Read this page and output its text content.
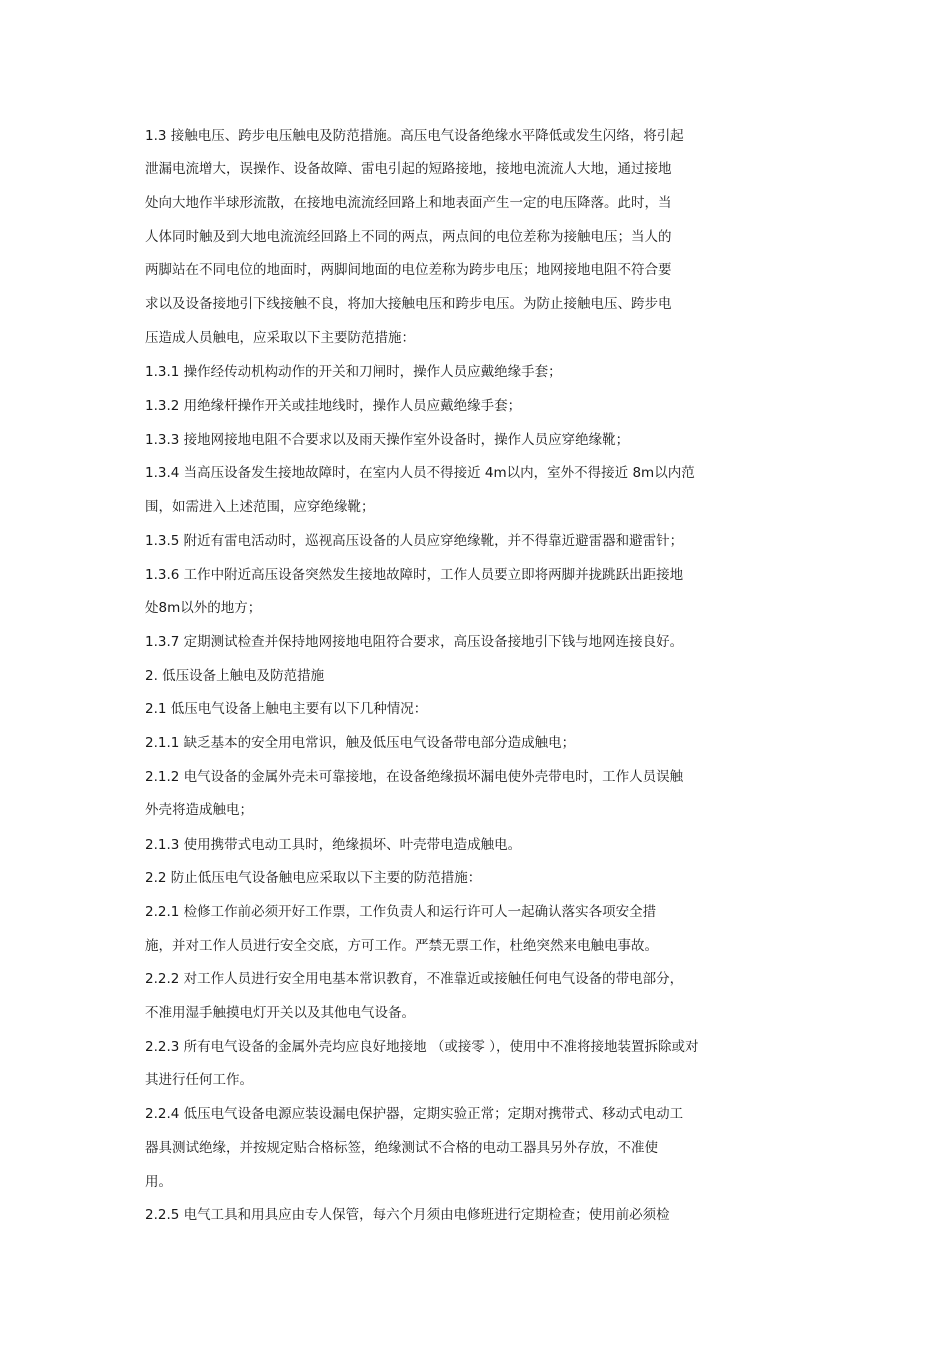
1.3 接触电压、跨步电压触电及防范措施。高压电气设备绝缘水平降低或发生闪络，将引起

泄漏电流增大，误操作、设备故障、雷电引起的短路接地，接地电流流人大地，通过接地

处向大地作半球形流散，在接地电流流经回路上和地表面产生一定的电压降落。此时，当

人体同时触及到大地电流流经回路上不同的两点，两点间的电位差称为接触电压；当人的

两脚站在不同电位的地面时，两脚间地面的电位差称为跨步电压；地网接地电阻不符合要

求以及设备接地引下线接触不良，将加大接触电压和跨步电压。为防止接触电压、跨步电

压造成人员触电，应采取以下主要防范措施：

1.3.1 操作经传动机构动作的开关和刀闸时，操作人员应戴绝缘手套；

1.3.2 用绝缘杆操作开关或挂地线时，操作人员应戴绝缘手套；

1.3.3 接地网接地电阻不合要求以及雨天操作室外设备时，操作人员应穿绝缘靴；

1.3.4 当高压设备发生接地故障时，在室内人员不得接近 4m以内，室外不得接近 8m以内范

围，如需进入上述范围，应穿绝缘靴；

1.3.5 附近有雷电活动时，巡视高压设备的人员应穿绝缘靴，并不得靠近避雷器和避雷针；

1.3.6 工作中附近高压设备突然发生接地故障时，工作人员要立即将两脚并拢跳跃出距接地

处8m以外的地方；

1.3.7 定期测试检查并保持地网接地电阻符合要求，高压设备接地引下钱与地网连接良好。

2. 低压设备上触电及防范措施

2.1 低压电气设备上触电主要有以下几种情况：

2.1.1 缺乏基本的安全用电常识，触及低压电气设备带电部分造成触电；

2.1.2 电气设备的金属外壳未可靠接地，在设备绝缘损坏漏电使外壳带电时，工作人员误触

外壳将造成触电；

2.1.3 使用携带式电动工具时，绝缘损坏、叶壳带电造成触电。

2.2 防止低压电气设备触电应采取以下主要的防范措施：

2.2.1 检修工作前必须开好工作票，工作负责人和运行许可人一起确认落实各项安全措

施，并对工作人员进行安全交底，方可工作。严禁无票工作，杜绝突然来电触电事故。

2.2.2 对工作人员进行安全用电基本常识教育，不准靠近或接触任何电气设备的带电部分，

不准用湿手触摸电灯开关以及其他电气设备。

2.2.3 所有电气设备的金属外壳均应良好地接地 （或接零 ），使用中不准将接地装置拆除或对

其进行任何工作。

2.2.4 低压电气设备电源应装设漏电保护器，定期实验正常；定期对携带式、移动式电动工

器具测试绝缘，并按规定贴合格标签，绝缘测试不合格的电动工器具另外存放，不准使

用。

2.2.5 电气工具和用具应由专人保管，每六个月须由电修班进行定期检查；使用前必须检
